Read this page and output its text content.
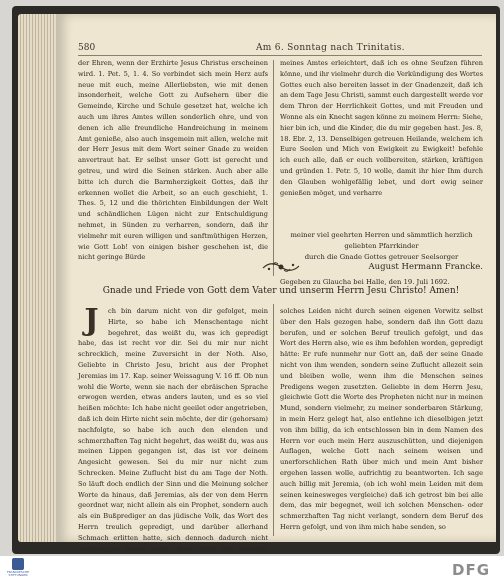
580	Am 6. Sonntag nach Trinitatis.

der Ehren, wenn der Erzhirte Jesus Christus erscheinen wird. 1. Pet. 5, 1. 4. So verbindet sich mein Herz aufs neue mit euch, meine Allerliebsten, wie mit denen insonderheit, welche Gott zu Aufsehern über die Gemeinde, Kirche und Schule gesetzet hat, welche ich auch um ihres Amtes willen sonderlich ehre, und von denen ich alle freundliche Handreichung in meinem Amt genieße, also auch insgemein mit allen, welche mit der Herr Jesus mit dem Wort seiner Gnade zu weiden anvertraut hat. Er selbst unser Gott ist gerecht und getreu, und wird die Seinen stärken. Auch aber alle bitte ich durch die Barmherzigkeit Gottes, daß ihr erkennen wollet die Arbeit, so an euch geschieht, 1. Thes. 5, 12 und die thörichten Einbildungen der Welt und schändlichen Lügen nicht zur Entschuldigung nehmet, in Sünden zu verharren, sondern, daß ihr vielmehr mit euren willigen und sanftmüthigen Herzen, wie Gott Lob! von einigen bisher geschehen ist, die nicht geringe Bürde

meines Amtes erleichtert, daß ich es ohne Seufzen führen könne, und ihr vielmehr durch die Verkündigung des Wortes Gottes euch also bereiten lasset in der Gnadenzeit, daß ich an dem Tage Jesu Christi, sammt euch dargestellt werde vor dem Thron der Herrlichkeit Gottes, und mit Freuden und Wonne als ein Knecht sagen könne zu meinem Herrn: Siehe, hier bin ich, und die Kinder, die du mir gegeben hast. Jes. 8, 18. Ebr. 2, 13. Denselbigen getreuen Heilande, welchem ich Eure Seelen und Mich von Ewigkeit zu Ewigkeit! befehle ich euch alle, daß er euch vollbereiten, stärken, kräftigen und gründen 1. Petr. 5, 10 wolle, damit ihr hier Ihm durch den Glauben wohlgefällig lebet, und dort ewig seiner genießen möget, und verharre

meiner viel geehrten Herren und sämmtlich herzlich geliebten Pfarrkinder
durch die Gnade Gottes getreuer Seelsorger
August Hermann Francke.
Gegeben zu Glaucha bei Halle, den 19. Juli 1692.
Gnade und Friede von Gott dem Vater und unserm Herrn Jesu Christo! Amen!
J	ch bin darum nicht von dir gefolget, mein Hirte, so habe ich Menschentage nicht begehret, das weißt du, was ich gepredigt habe, das ist recht vor dir. Sei du mir nur nicht schrecklich, meine Zuversicht in der Noth. Also, Geliebte in Christo Jesu, bricht aus der Prophet Jeremias im 17. Kap. seiner Weissagung V. 16 ff. Ob nun wohl die Worte, wenn sie nach der ebräischen Sprache erwogen werden, etwas anders lauten, und es so viel heißen möchte: Ich habe nicht geeilet oder angetrieben, daß ich dein Hirte nicht sein möchte, der dir (gehorsam) nachfolgte, so habe ich auch den elenden und schmerzhaften Tag nicht begehrt, das weißt du, was aus meinen Lippen gegangen ist, das ist vor deinem Angesicht gewesen. Sei du mir nur nicht zum Schrecken. Meine Zuflucht bist du am Tage der Noth. So läuft doch endlich der Sinn und die Meinung solcher Worte da hinaus, daß Jeremias, als der von dem Herrn geordnet war, nicht allein als ein Prophet, sondern auch als ein Bußprediger an das jüdische Volk, das Wort des Herrn treulich gepredigt, und darüber allerhand Schmach erlitten hatte, sich dennoch dadurch nicht abschrecken lassen wollte, dem Herrn sich vielmehr

solches Leiden nicht durch seinen eigenen Vorwitz selbst über den Hals gezogen habe, sondern daß ihn Gott dazu berufen, und er solchen Beruf treulich gefolgt, und das Wort des Herrn also, wie es ihm befohlen worden, gepredigt hätte: Er rufe nunmehr nur Gott an, daß der seine Gnade nicht von ihm wenden, sondern seine Zuflucht allezeit sein und bleiben wolle, wenn ihm die Menschen seines Predigens wegen zusetzten. Geliebte in dem Herrn Jesu, gleichwie Gott die Worte des Propheten nicht nur in meinen Mund, sondern vielmehr, zu meiner sonderbaren Stärkung, in mein Herz gelegt hat, also entlehne ich dieselbigen jetzt von ihm billig, da ich entschlossen bin in dem Namen des Herrn vor euch mein Herz auszuschütten, und diejenigen Auflagen, welche Gott nach seinem weisen und unerforschlichen Rath über mich und mein Amt bisher ergehen lassen wolle, aufrichtig zu beantworten. Ich sage auch billig mit Jeremia, (ob ich wohl mein Leiden mit dem seinen keinesweges vergleiche) daß ich getrost bin bei alle dem, das mir begegnet, weil ich solchen Menschen- oder schmerzhaften Tag nicht verlangt, sondern dem Beruf des Herrn gefolgt, und von ihm mich habe senden, so

FRANCKESCHE STIFTUNGEN	DFG
